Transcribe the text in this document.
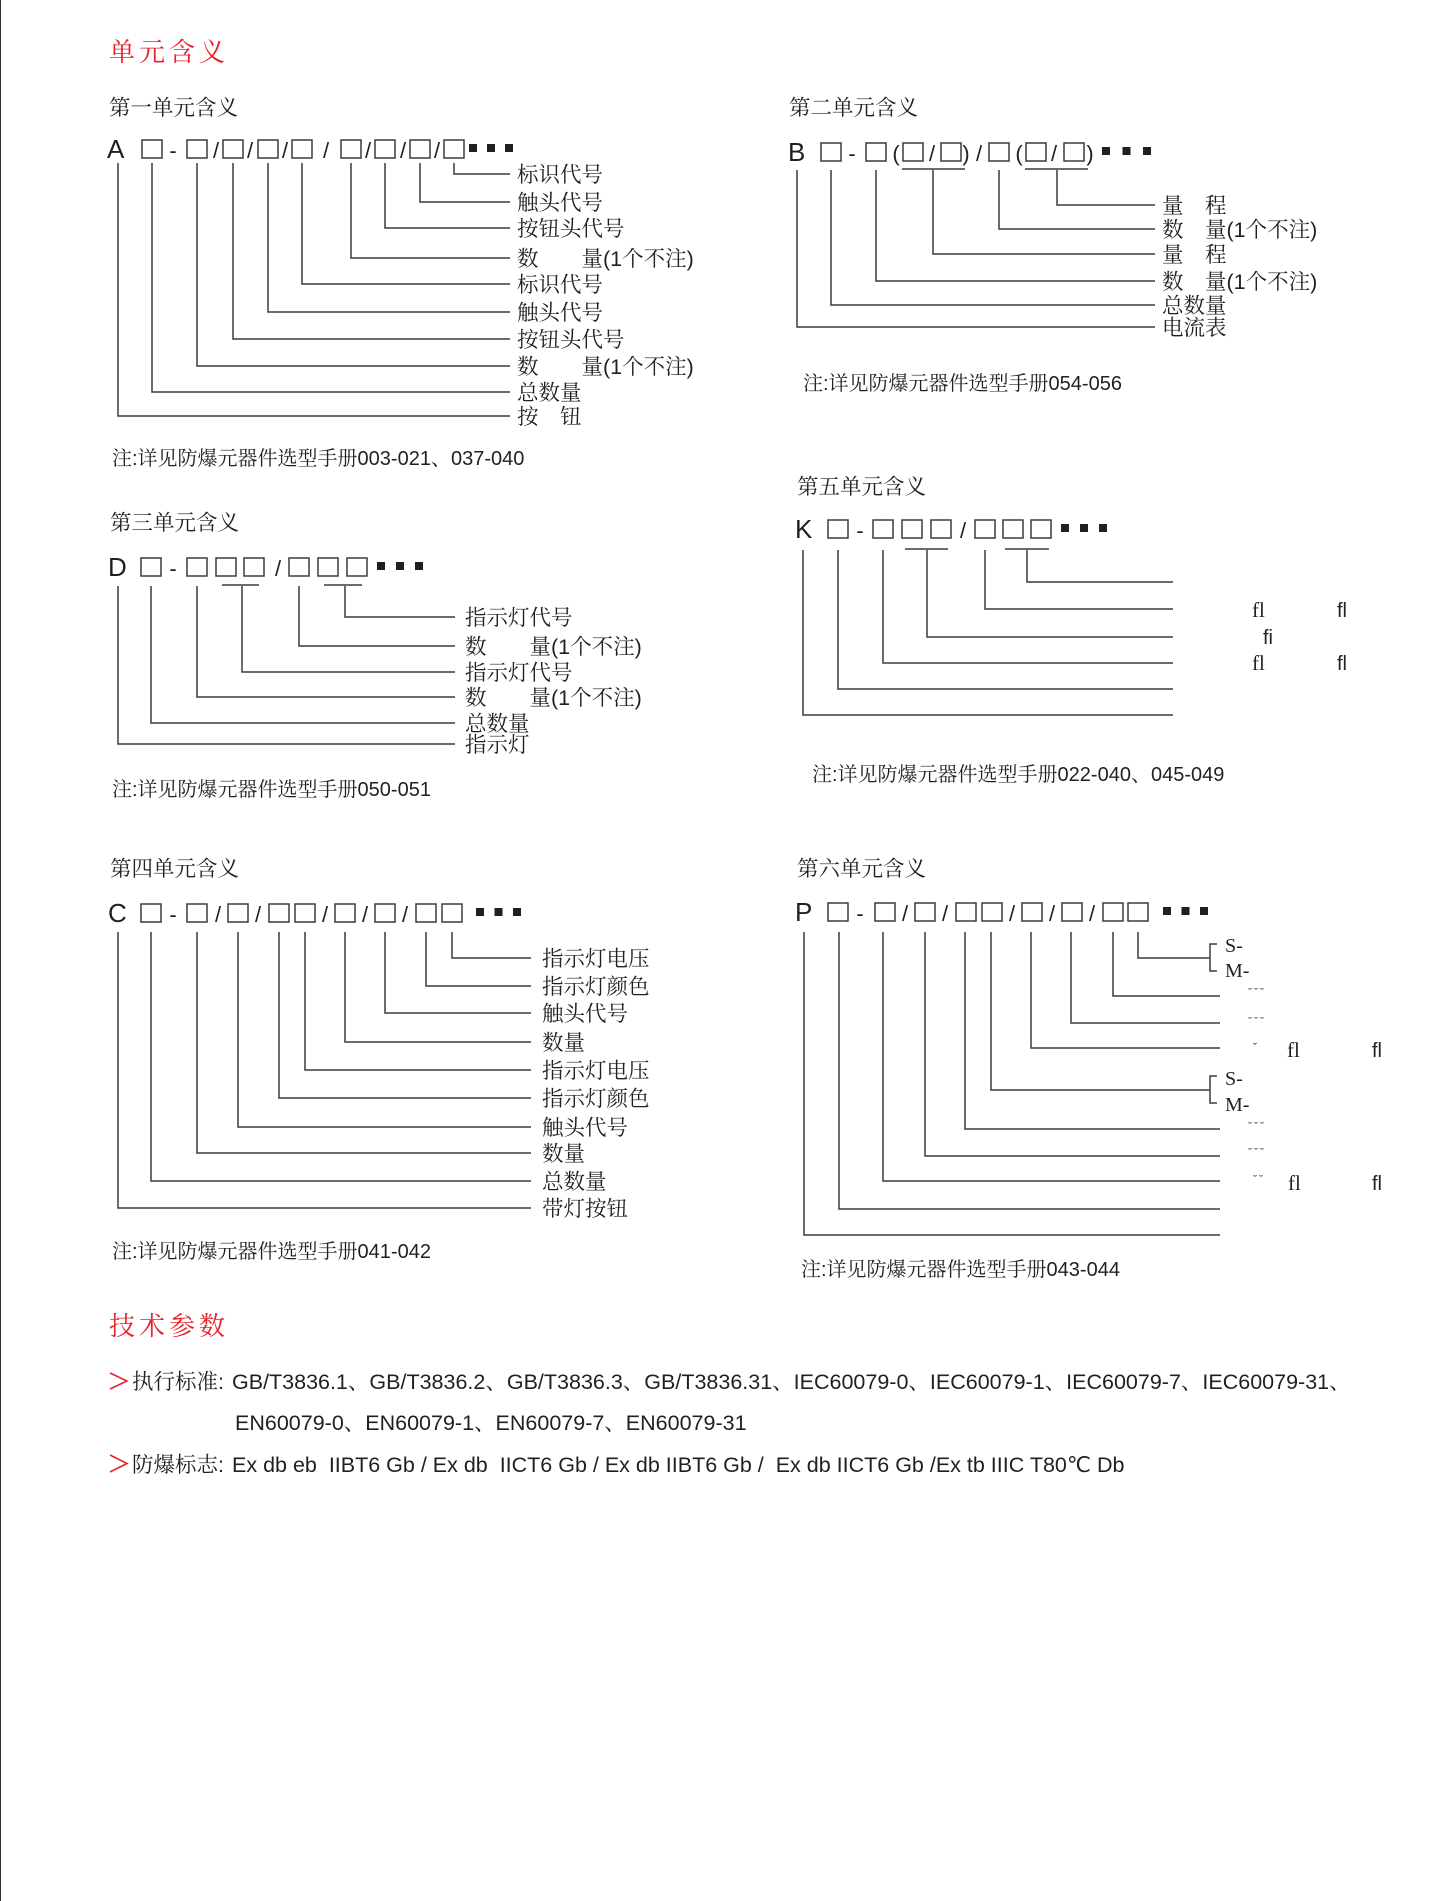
单元含义
第一单元含义
A - / / / / / / /
标识代号
触头代号
按钮头代号
数　　量(1个不注)
标识代号
触头代号
按钮头代号
数　　量(1个不注)
总数量
按　钮
注:详见防爆元器件选型手册003-021、037-040
第二单元含义
B - ( / ) / ( / )
量　程
数　量(1个不注)
量　程
数　量(1个不注)
总数量
电流表
注:详见防爆元器件选型手册054-056
第三单元含义
D -	/
指示灯代号
数　　量(1个不注)
指示灯代号
数　　量(1个不注)
总数量
指示灯
注:详见防爆元器件选型手册050-051
第四单元含义
C - / /	/ / /
指示灯电压
指示灯颜色
触头代号
数量
指示灯电压
指示灯颜色
触头代号
数量
总数量
带灯按钮
注:详见防爆元器件选型手册041-042
第五单元含义
K -	/
fl	fl
fi
fl	fl
注:详见防爆元器件选型手册022-040、045-049
第六单元含义
P - / /	/ / /
S-
M-
˘˘˘
˘˘˘
ˇ fl	fl
S-
M-
˘˘˘
˘˘˘
˘˘ fl	fl
注:详见防爆元器件选型手册043-044
技术参数
执行标准: GB/T3836.1、GB/T3836.2、GB/T3836.3、GB/T3836.31、IEC60079-0、IEC60079-1、IEC60079-7、IEC60079-31、
EN60079-0、EN60079-1、EN60079-7、EN60079-31
防爆标志: Ex db eb  IIBT6 Gb / Ex db  IICT6 Gb / Ex db IIBT6 Gb /  Ex db IICT6 Gb /Ex tb IIIC T80℃ Db
